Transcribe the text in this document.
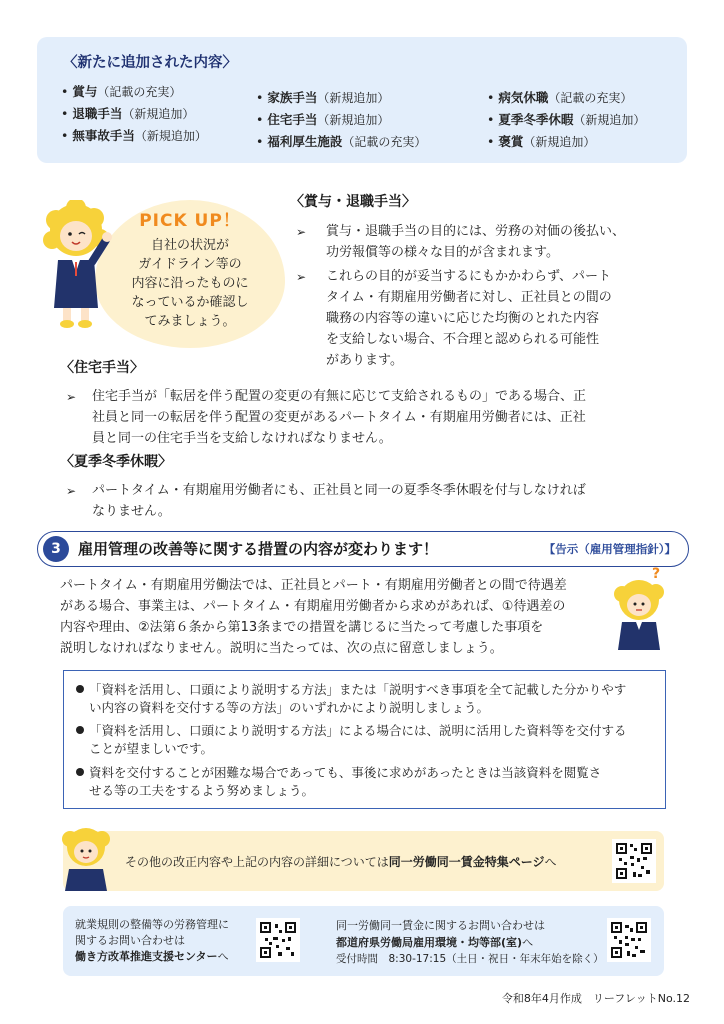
〈新たに追加された内容〉
• 賞与（記載の充実）
• 退職手当（新規追加）
• 無事故手当（新規追加）
• 家族手当（新規追加）
• 住宅手当（新規追加）
• 福利厚生施設（記載の充実）
• 病気休職（記載の充実）
• 夏季冬季休暇（新規追加）
• 褒賞（新規追加）
PICK UP！
自社の状況が
ガイドライン等の
内容に沿ったものに
なっているか確認し
てみましょう。
〈賞与・退職手当〉
➢ 賞与・退職手当の目的には、労務の対価の後払い、
功労報償等の様々な目的が含まれます。
➢ これらの目的が妥当するにもかかわらず、パート
タイム・有期雇用労働者に対し、正社員との間の
職務の内容等の違いに応じた均衡のとれた内容
を支給しない場合、不合理と認められる可能性
があります。
〈住宅手当〉
➢ 住宅手当が「転居を伴う配置の変更の有無に応じて支給されるもの」である場合、正
社員と同一の転居を伴う配置の変更があるパートタイム・有期雇用労働者には、正社
員と同一の住宅手当を支給しなければなりません。
〈夏季冬季休暇〉
➢ パートタイム・有期雇用労働者にも、正社員と同一の夏季冬季休暇を付与しなければ
なりません。
3	雇用管理の改善等に関する措置の内容が変わります！	【告示（雇用管理指針）】
パートタイム・有期雇用労働法では、正社員とパート・有期雇用労働者との間で待遇差
がある場合、事業主は、パートタイム・有期雇用労働者から求めがあれば、①待遇差の
内容や理由、②法第６条から第13条までの措置を講じるに当たって考慮した事項を
説明しなければなりません。説明に当たっては、次の点に留意しましょう。
?
「資料を活用し、口頭により説明する方法」または「説明すべき事項を全て記載した分かりやす
い内容の資料を交付する等の方法」のいずれかにより説明しましょう。
「資料を活用し、口頭により説明する方法」による場合には、説明に活用した資料等を交付する
ことが望ましいです。
資料を交付することが困難な場合であっても、事後に求めがあったときは当該資料を閲覧さ
せる等の工夫をするよう努めましょう。
その他の改正内容や上記の内容の詳細については同一労働同一賃金特集ページへ
就業規則の整備等の労務管理に
関するお問い合わせは
働き方改革推進支援センターへ
同一労働同一賃金に関するお問い合わせは
都道府県労働局雇用環境・均等部(室)へ
受付時間　8:30-17:15（土日・祝日・年末年始を除く）
令和8年4月作成　リーフレットNo.12
